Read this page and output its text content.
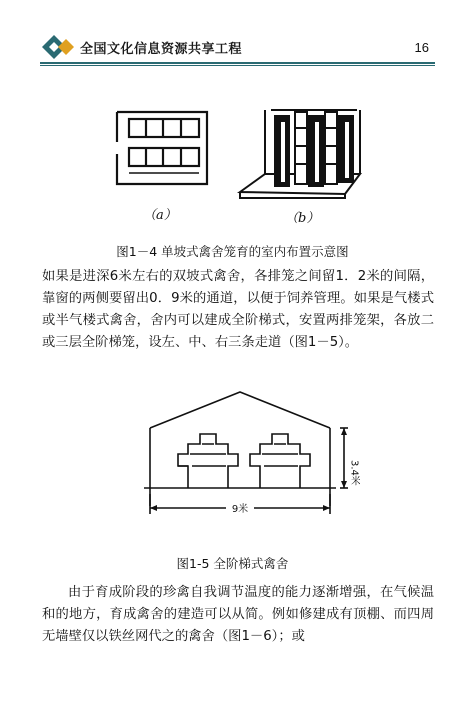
全国文化信息资源共享工程	16
（a）	（b）
图1－4 单坡式禽舍笼育的室内布置示意图

如果是进深6米左右的双坡式禽舍，各排笼之间留1．2米的间隔，靠窗的两侧要留出0．9米的通道，以便于饲养管理。如果是气楼式或半气楼式禽舍，舍内可以建成全阶梯式，安置两排笼架，各放二或三层全阶梯笼，设左、中、右三条走道（图1－5）。

3.4米
9米
图1-5 全阶梯式禽舍

由于育成阶段的珍禽自我调节温度的能力逐渐增强，在气候温和的地方，育成禽舍的建造可以从简。例如修建成有顶棚、而四周无墙壁仅以铁丝网代之的禽舍（图1－6）；或
